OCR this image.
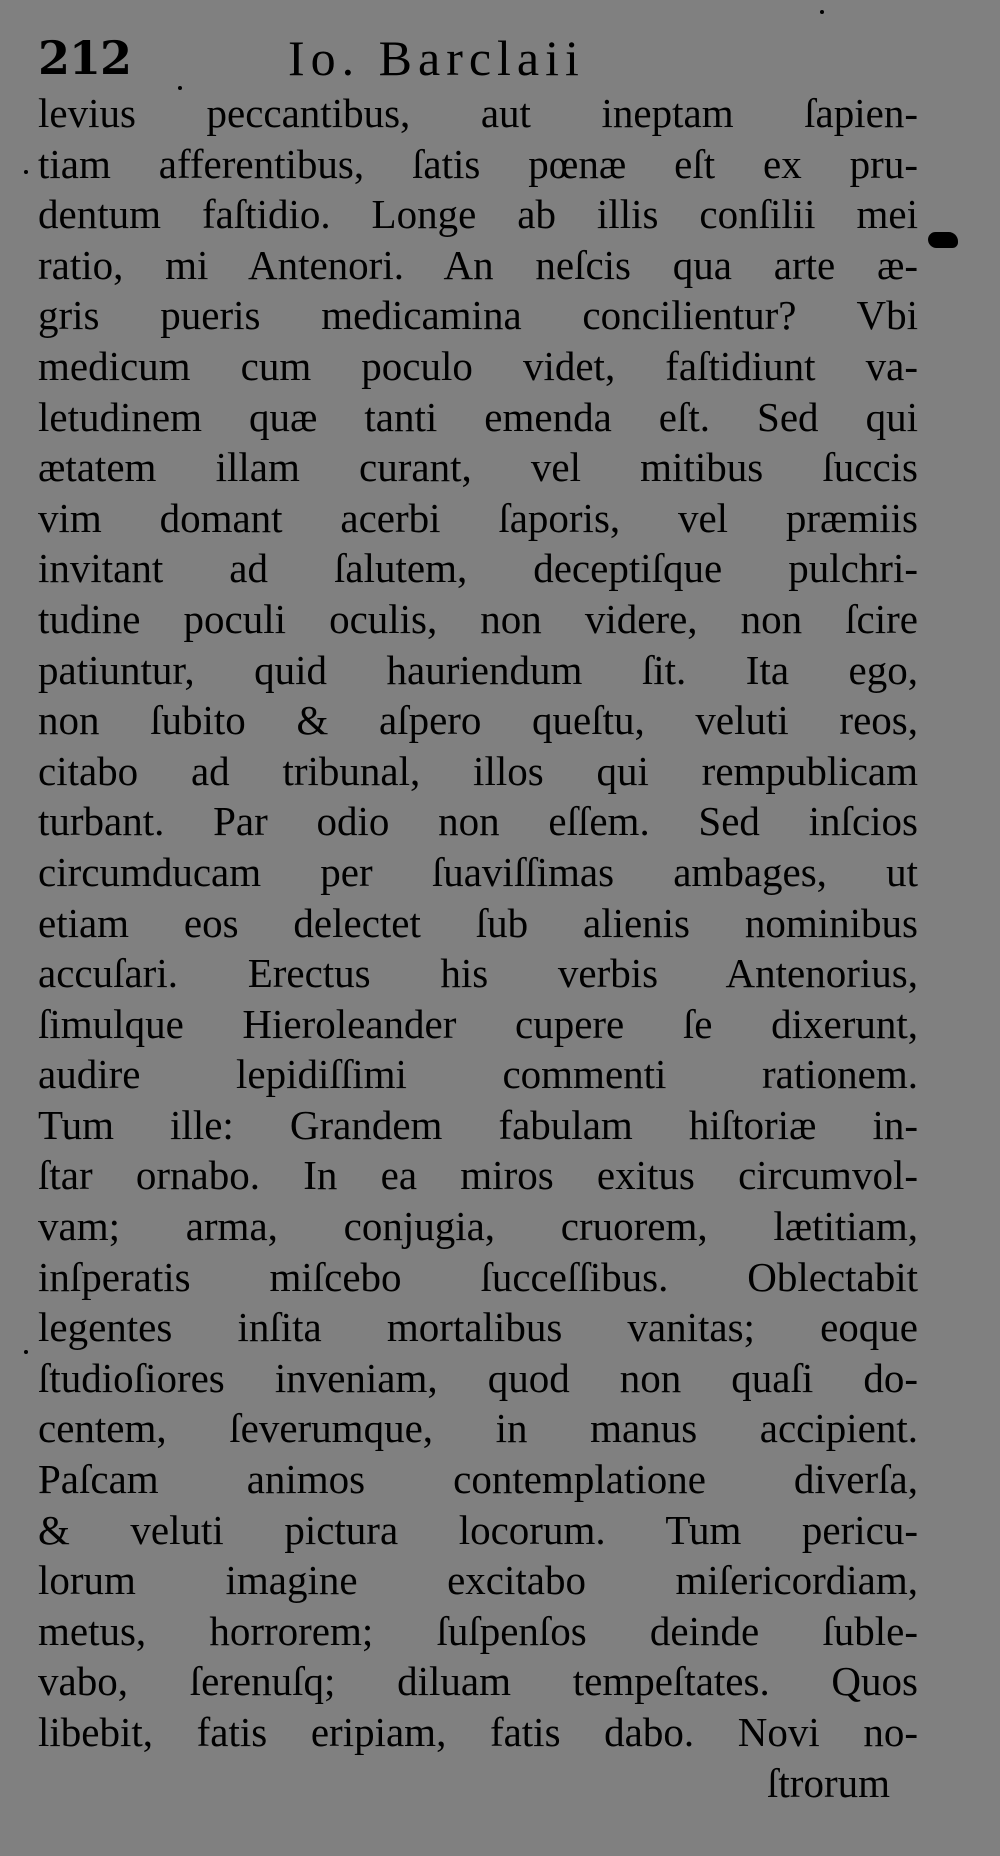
212	Io. Barclaii
levius peccantibus, aut ineptam ſapien-
tiam afferentibus, ſatis pœnæ eſt ex pru-
dentum faſtidio. Longe ab illis conſilii mei
ratio, mi Antenori. An neſcis qua arte æ-
gris pueris medicamina concilientur? Vbi
medicum cum poculo videt, faſtidiunt va-
letudinem quæ tanti emenda eſt. Sed qui
ætatem illam curant, vel mitibus ſuccis
vim domant acerbi ſaporis, vel præmiis
invitant ad ſalutem, deceptiſque pulchri-
tudine poculi oculis, non videre, non ſcire
patiuntur, quid hauriendum ſit. Ita ego,
non ſubito & aſpero queſtu, veluti reos,
citabo ad tribunal, illos qui rempublicam
turbant. Par odio non eſſem. Sed inſcios
circumducam per ſuaviſſimas ambages, ut
etiam eos delectet ſub alienis nominibus
accuſari. Erectus his verbis Antenorius,
ſimulque Hieroleander cupere ſe dixerunt,
audire lepidiſſimi commenti rationem.
Tum ille: Grandem fabulam hiſtoriæ in-
ſtar ornabo. In ea miros exitus circumvol-
vam; arma, conjugia, cruorem, lætitiam,
inſperatis miſcebo ſucceſſibus. Oblectabit
legentes inſita mortalibus vanitas; eoque
ſtudioſiores inveniam, quod non quaſi do-
centem, ſeverumque, in manus accipient.
Paſcam animos contemplatione diverſa,
& veluti pictura locorum. Tum pericu-
lorum imagine excitabo miſericordiam,
metus, horrorem; ſuſpenſos deinde ſuble-
vabo, ſerenuſq; diluam tempeſtates. Quos
libebit, fatis eripiam, fatis dabo. Novi no-
ſtrorum
